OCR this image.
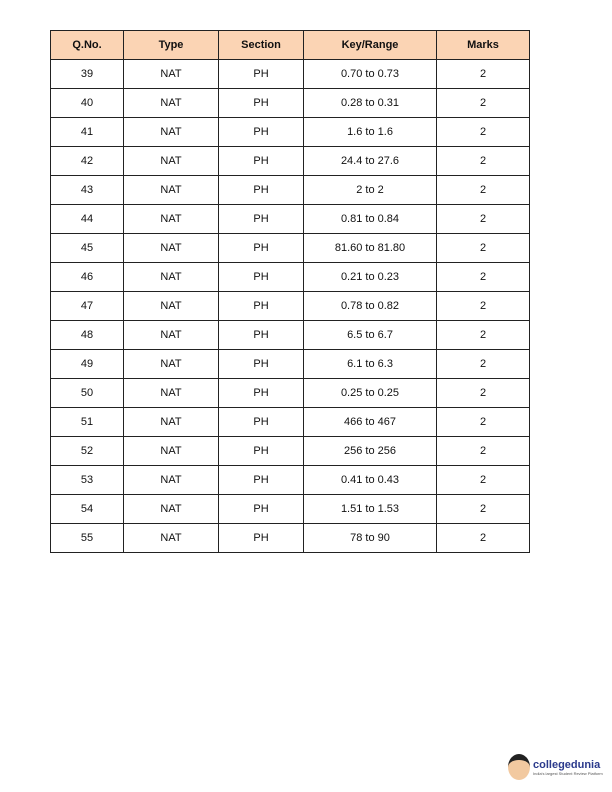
Q.No.	Type	Section	Key/Range	Marks
39	NAT	PH	0.70 to 0.73	2
40	NAT	PH	0.28 to 0.31	2
41	NAT	PH	1.6 to 1.6	2
42	NAT	PH	24.4 to 27.6	2
43	NAT	PH	2 to 2	2
44	NAT	PH	0.81 to 0.84	2
45	NAT	PH	81.60 to 81.80	2
46	NAT	PH	0.21 to 0.23	2
47	NAT	PH	0.78 to 0.82	2
48	NAT	PH	6.5 to 6.7	2
49	NAT	PH	6.1 to 6.3	2
50	NAT	PH	0.25 to 0.25	2
51	NAT	PH	466 to 467	2
52	NAT	PH	256 to 256	2
53	NAT	PH	0.41 to 0.43	2
54	NAT	PH	1.51 to 1.53	2
55	NAT	PH	78 to 90	2
collegedunia
India's largest Student Review Platform
